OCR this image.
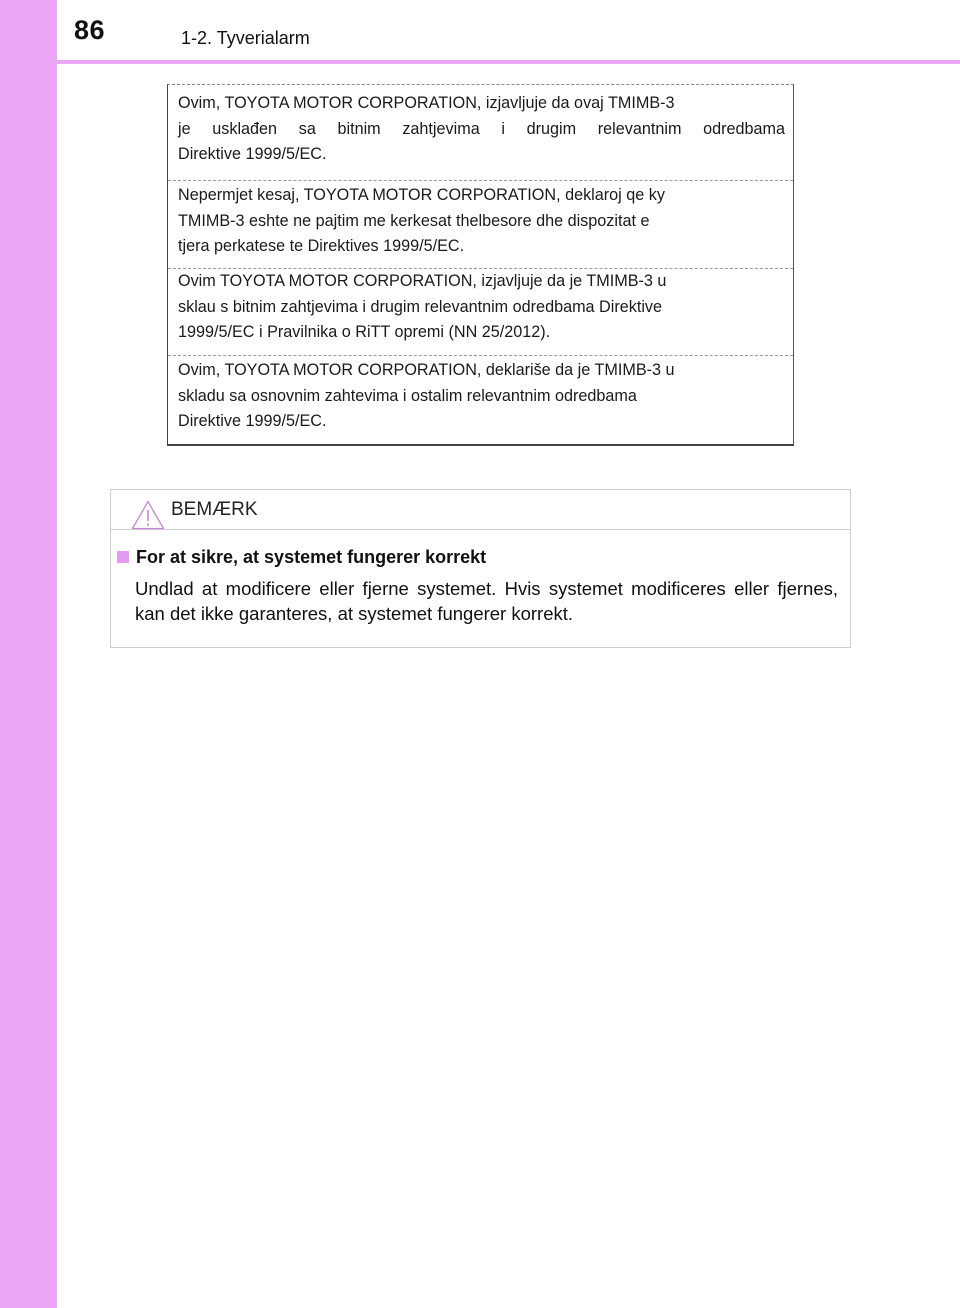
86	1-2. Tyverialarm

Ovim, TOYOTA MOTOR CORPORATION, izjavljuje da ovaj TMIMB-3

je usklađen sa bitnim zahtjevima i drugim relevantnim odredbama

Direktive 1999/5/EC.

Nepermjet kesaj, TOYOTA MOTOR CORPORATION, deklaroj qe ky

TMIMB-3 eshte ne pajtim me kerkesat thelbesore dhe dispozitat e

tjera perkatese te Direktives 1999/5/EC.

Ovim TOYOTA MOTOR CORPORATION, izjavljuje da je TMIMB-3 u

sklau s bitnim zahtjevima i drugim relevantnim odredbama Direktive

1999/5/EC i Pravilnika o RiTT opremi (NN 25/2012).

Ovim, TOYOTA MOTOR CORPORATION, deklariše da je TMIMB-3 u

skladu sa osnovnim zahtevima i ostalim relevantnim odredbama

Direktive 1999/5/EC.

BEMÆRK
For at sikre, at systemet fungerer korrekt
Undlad at modificere eller fjerne systemet. Hvis systemet modificeres eller fjernes, kan det ikke garanteres, at systemet fungerer korrekt.
